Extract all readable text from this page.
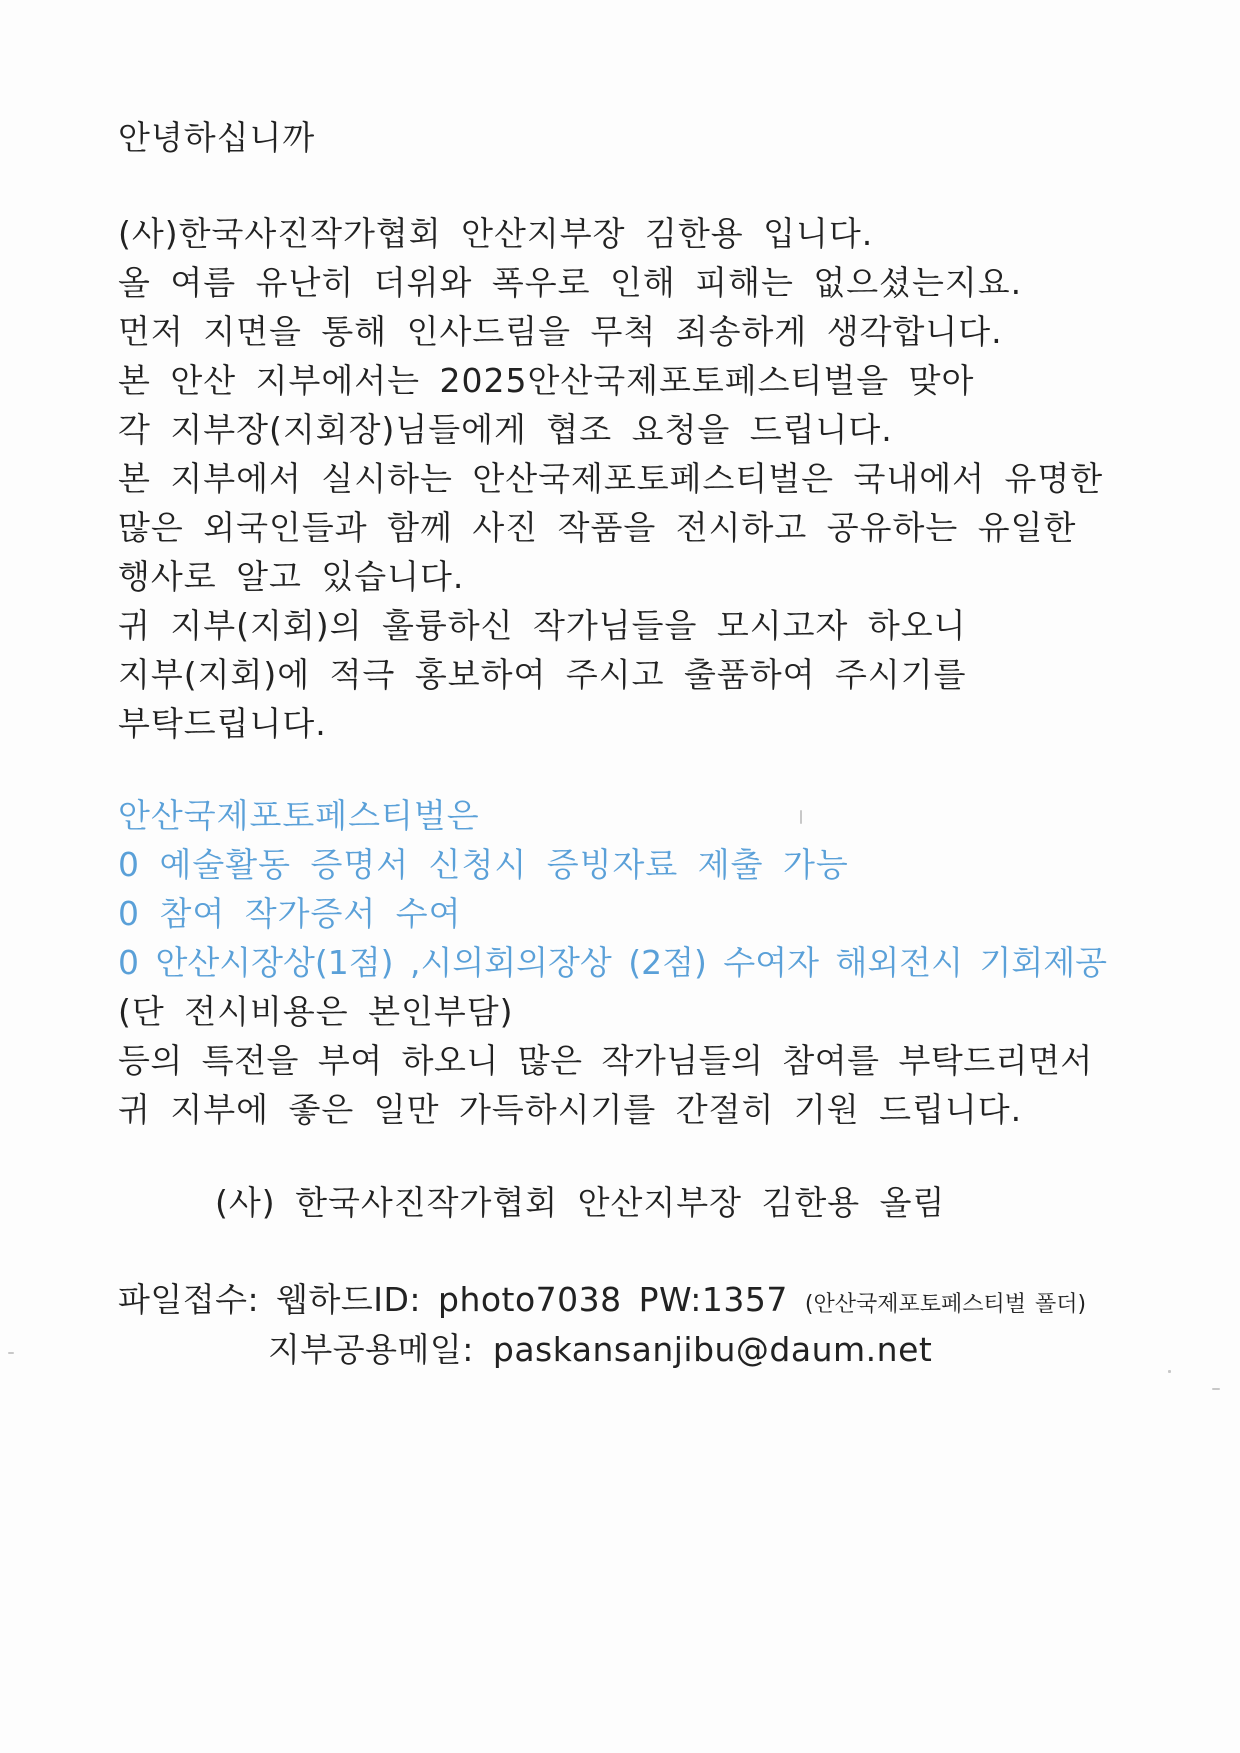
안녕하십니까
(사)한국사진작가협회 안산지부장 김한용 입니다.
올 여름 유난히 더위와 폭우로 인해 피해는 없으셨는지요.
먼저 지면을 통해 인사드림을 무척 죄송하게 생각합니다.
본 안산 지부에서는 2025안산국제포토페스티벌을 맞아
각 지부장(지회장)님들에게 협조 요청을 드립니다.
본 지부에서 실시하는 안산국제포토페스티벌은 국내에서 유명한
많은 외국인들과 함께 사진 작품을 전시하고 공유하는 유일한
행사로 알고 있습니다.
귀 지부(지회)의 훌륭하신 작가님들을 모시고자 하오니
지부(지회)에 적극 홍보하여 주시고 출품하여 주시기를
부탁드립니다.
안산국제포토페스티벌은
0 예술활동 증명서 신청시 증빙자료 제출 가능
0 참여 작가증서 수여
0 안산시장상(1점) ,시의회의장상 (2점) 수여자 해외전시 기회제공
(단 전시비용은 본인부담)
등의 특전을 부여 하오니 많은 작가님들의 참여를 부탁드리면서
귀 지부에 좋은 일만 가득하시기를 간절히 기원 드립니다.
(사) 한국사진작가협회 안산지부장 김한용 올림
파일접수: 웹하드ID: photo7038 PW:1357 (안산국제포토페스티벌 폴더)
지부공용메일: paskansanjibu@daum.net
